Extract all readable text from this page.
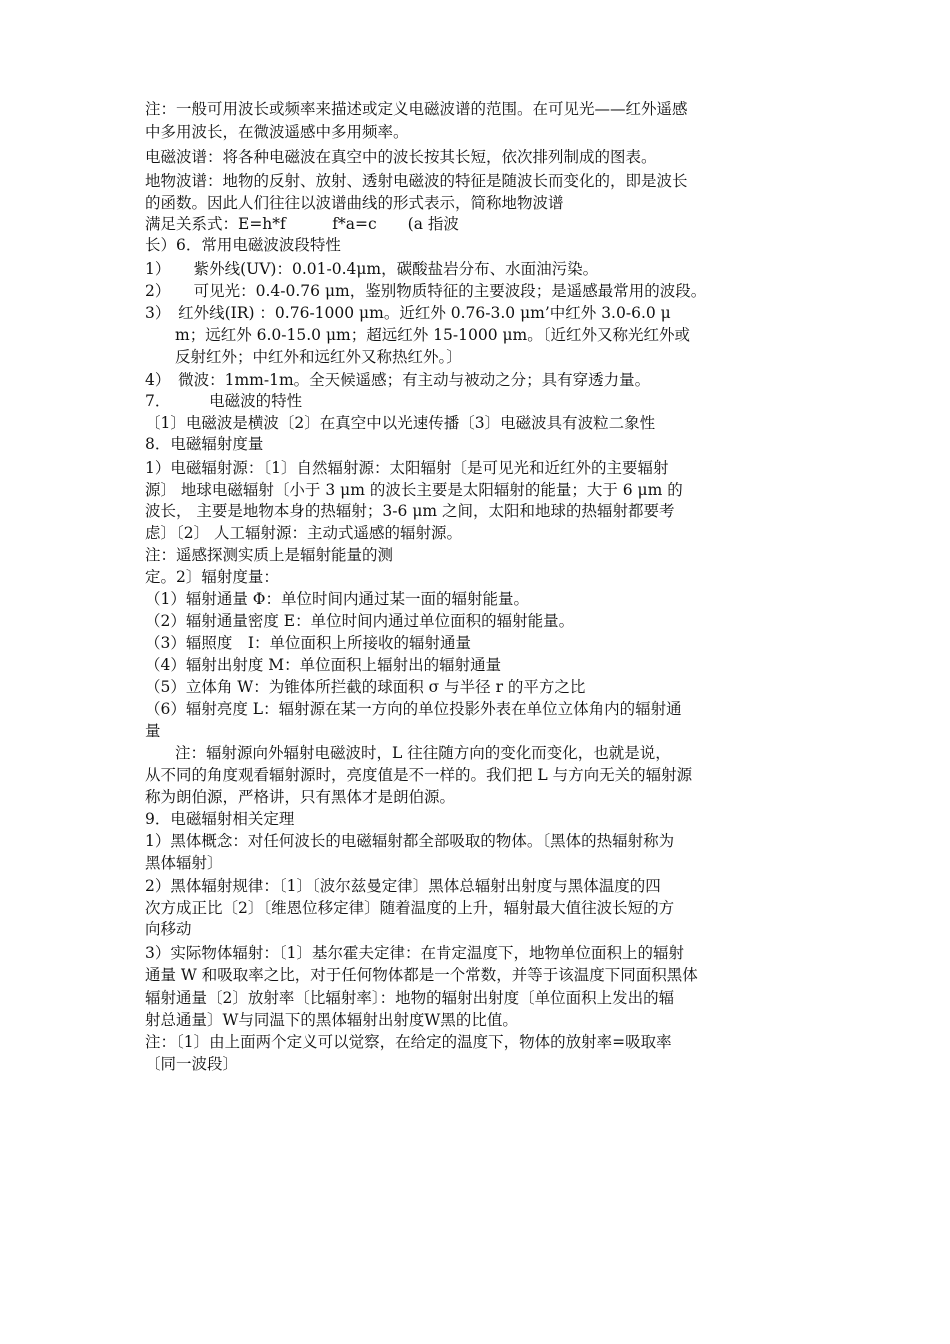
注：一般可用波长或频率来描述或定义电磁波谱的范围。在可见光——红外遥感
中多用波长，在微波遥感中多用频率。
电磁波谱：将各种电磁波在真空中的波长按其长短，依次排列制成的图表。
地物波谱：地物的反射、放射、透射电磁波的特征是随波长而变化的，即是波长
的函数。因此人们往往以波谱曲线的形式表示，简称地物波谱
满足关系式：E=h*f　　　f*a=c　　(a 指波
长）6．常用电磁波波段特性
1）　　紫外线(UV)：0.01-0.4μm，碳酸盐岩分布、水面油污染。
2）　　可见光：0.4-0.76 μm，鉴别物质特征的主要波段；是遥感最常用的波段。
3）　红外线(IR) ：0.76-1000 μm。近红外 0.76-3.0 μm’中红外 3.0-6.0 μ
m；远红外 6.0-15.0 μm；超远红外 15-1000 μm。〔近红外又称光红外或
反射红外；中红外和远红外又称热红外。〕
4）　微波：1mm-1m。全天候遥感；有主动与被动之分；具有穿透力量。
7．　　　电磁波的特性
〔1〕电磁波是横波〔2〕在真空中以光速传播〔3〕电磁波具有波粒二象性
8．电磁辐射度量
1）电磁辐射源：〔1〕自然辐射源：太阳辐射〔是可见光和近红外的主要辐射
源〕 地球电磁辐射〔小于 3 μm 的波长主要是太阳辐射的能量；大于 6 μm 的
波长， 主要是地物本身的热辐射；3-6 μm 之间，太阳和地球的热辐射都要考
虑〕〔2〕 人工辐射源：主动式遥感的辐射源。
注：遥感探测实质上是辐射能量的测
定。2〕辐射度量：
（1）辐射通量 Φ：单位时间内通过某一面的辐射能量。
（2）辐射通量密度 E：单位时间内通过单位面积的辐射能量。
（3）辐照度　I：单位面积上所接收的辐射通量
（4）辐射出射度 M：单位面积上辐射出的辐射通量
（5）立体角 W：为锥体所拦截的球面积 σ 与半径 r 的平方之比
（6）辐射亮度 L：辐射源在某一方向的单位投影外表在单位立体角内的辐射通
量
注：辐射源向外辐射电磁波时，L 往往随方向的变化而变化，也就是说，
从不同的角度观看辐射源时，亮度值是不一样的。我们把 L 与方向无关的辐射源
称为朗伯源，严格讲，只有黑体才是朗伯源。
9．电磁辐射相关定理
1）黑体概念：对任何波长的电磁辐射都全部吸取的物体。〔黑体的热辐射称为
黑体辐射〕
2）黑体辐射规律：〔1〕〔波尔兹曼定律〕黑体总辐射出射度与黑体温度的四
次方成正比〔2〕〔维恩位移定律〕随着温度的上升，辐射最大值往波长短的方
向移动
3）实际物体辐射：〔1〕基尔霍夫定律：在肯定温度下，地物单位面积上的辐射
通量 W 和吸取率之比，对于任何物体都是一个常数，并等于该温度下同面积黑体
辐射通量〔2〕放射率〔比辐射率〕：地物的辐射出射度〔单位面积上发出的辐
射总通量〕W与同温下的黑体辐射出射度W黑的比值。
注：〔1〕由上面两个定义可以觉察，在给定的温度下，物体的放射率=吸取率
〔同一波段〕
